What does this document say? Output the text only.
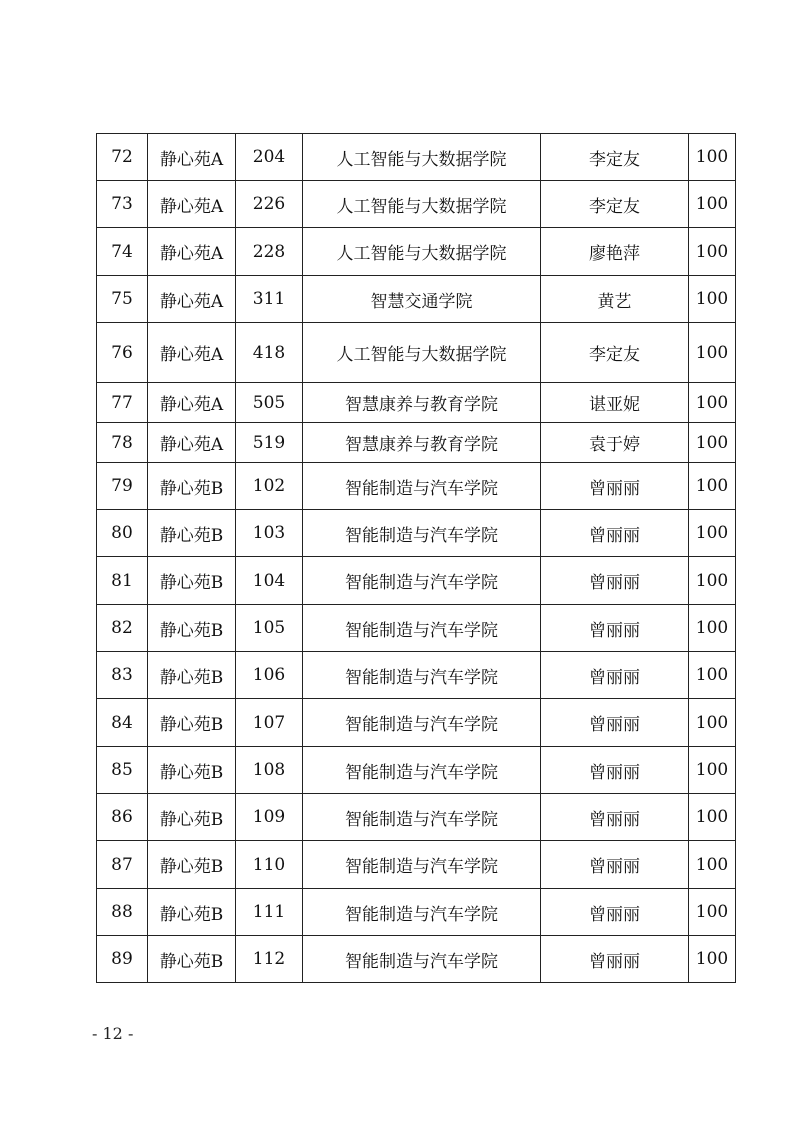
72	静心苑A	204	人工智能与大数据学院	李定友	100
73	静心苑A	226	人工智能与大数据学院	李定友	100
74	静心苑A	228	人工智能与大数据学院	廖艳萍	100
75	静心苑A	311	智慧交通学院	黄艺	100
76	静心苑A	418	人工智能与大数据学院	李定友	100
77	静心苑A	505	智慧康养与教育学院	谌亚妮	100
78	静心苑A	519	智慧康养与教育学院	袁于婷	100
79	静心苑B	102	智能制造与汽车学院	曾丽丽	100
80	静心苑B	103	智能制造与汽车学院	曾丽丽	100
81	静心苑B	104	智能制造与汽车学院	曾丽丽	100
82	静心苑B	105	智能制造与汽车学院	曾丽丽	100
83	静心苑B	106	智能制造与汽车学院	曾丽丽	100
84	静心苑B	107	智能制造与汽车学院	曾丽丽	100
85	静心苑B	108	智能制造与汽车学院	曾丽丽	100
86	静心苑B	109	智能制造与汽车学院	曾丽丽	100
87	静心苑B	110	智能制造与汽车学院	曾丽丽	100
88	静心苑B	111	智能制造与汽车学院	曾丽丽	100
89	静心苑B	112	智能制造与汽车学院	曾丽丽	100
- 12 -
